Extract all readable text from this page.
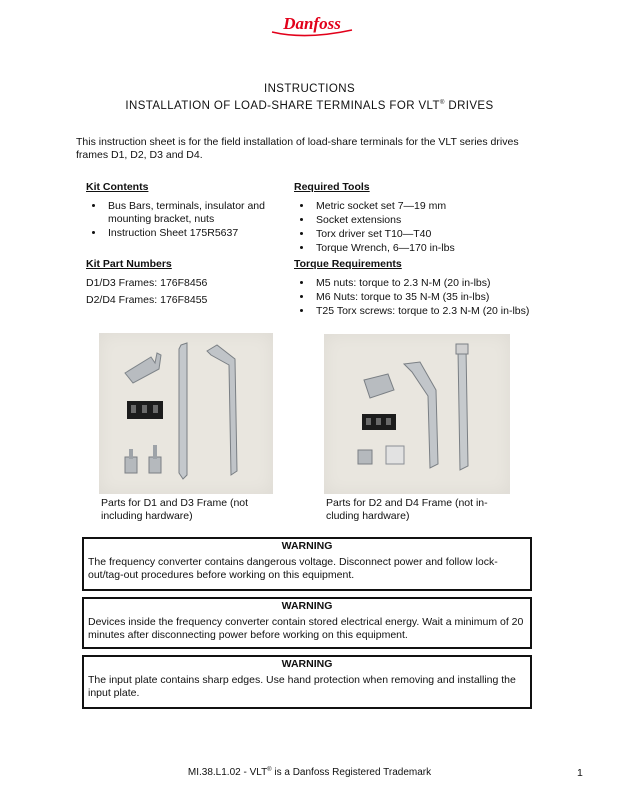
Danfoss
INSTRUCTIONS
INSTALLATION OF LOAD-SHARE TERMINALS FOR VLT® DRIVES
This instruction sheet is for the field installation of load-share terminals for the VLT series drives frames D1, D2, D3 and D4.
Kit Contents
• Bus Bars, terminals, insulator and mounting bracket, nuts
• Instruction Sheet 175R5637
Required Tools
• Metric socket set 7—19 mm
• Socket extensions
• Torx driver set T10—T40
• Torque Wrench, 6—170 in-lbs
Kit Part Numbers

D1/D3 Frames: 176F8456

D2/D4 Frames: 176F8455

Torque Requirements
• M5 nuts: torque to 2.3 N-M (20 in-lbs)
• M6 Nuts: torque to 35 N-M (35 in-lbs)
• T25 Torx screws: torque to 2.3 N-M (20 in-lbs)
Parts for D1 and D3 Frame (not including hardware)
Parts for D2 and D4 Frame (not in-cluding hardware)
WARNING
The frequency converter contains dangerous voltage. Disconnect power and follow lock-out/tag-out procedures before working on this equipment.
WARNING
Devices inside the frequency converter contain stored electrical energy. Wait a minimum of 20 minutes after disconnecting power before working on this equipment.
WARNING
The input plate contains sharp edges. Use hand protection when removing and installing the input plate.
MI.38.L1.02 - VLT® is a Danfoss Registered Trademark	1
